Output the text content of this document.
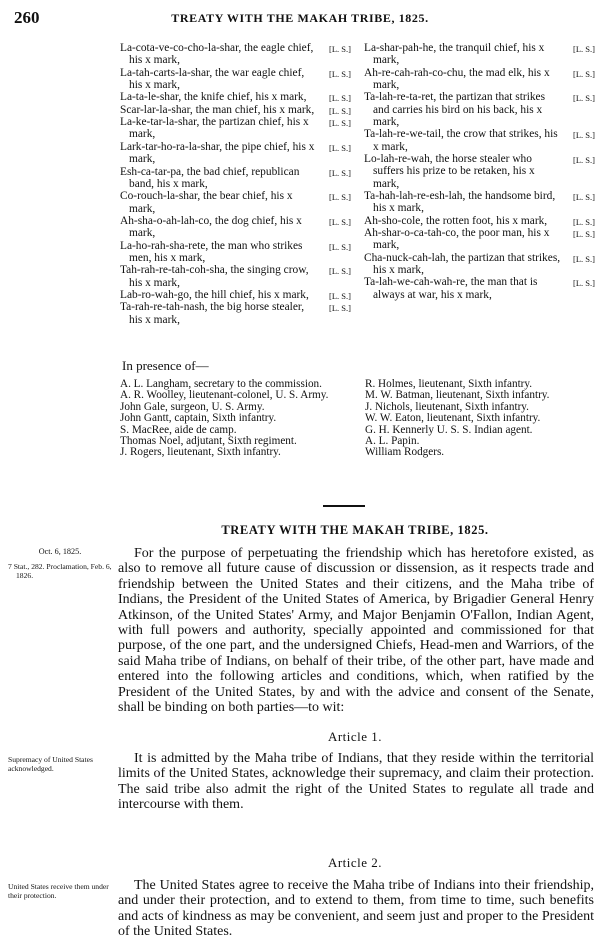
260	TREATY WITH THE MAKAH TRIBE, 1825.
[L. S.]
La-cota-ve-co-cho-la-shar, the eagle chief, his x mark,
[L. S.]
La-tah-carts-la-shar, the war eagle chief, his x mark,
[L. S.]
La-ta-le-shar, the knife chief, his x mark,
[L. S.]
Scar-lar-la-shar, the man chief, his x mark,
[L. S.]
La-ke-tar-la-shar, the partizan chief, his x mark,
[L. S.]
Lark-tar-ho-ra-la-shar, the pipe chief, his x mark,
[L. S.]
Esh-ca-tar-pa, the bad chief, republican band, his x mark,
[L. S.]
Co-rouch-la-shar, the bear chief, his x mark,
[L. S.]
Ah-sha-o-ah-lah-co, the dog chief, his x mark,
[L. S.]
La-ho-rah-sha-rete, the man who strikes men, his x mark,
[L. S.]
Tah-rah-re-tah-coh-sha, the singing crow, his x mark,
[L. S.]
Lab-ro-wah-go, the hill chief, his x mark,
[L. S.]
Ta-rah-re-tah-nash, the big horse stealer, his x mark,
[L. S.]
La-shar-pah-he, the tranquil chief, his x mark,
[L. S.]
Ah-re-cah-rah-co-chu, the mad elk, his x mark,
[L. S.]
Ta-lah-re-ta-ret, the partizan that strikes and carries his bird on his back, his x mark,
[L. S.]
Ta-lah-re-we-tail, the crow that strikes, his x mark,
[L. S.]
Lo-lah-re-wah, the horse stealer who suffers his prize to be retaken, his x mark,
[L. S.]
Ta-hah-lah-re-esh-lah, the handsome bird, his x mark,
[L. S.]
Ah-sho-cole, the rotten foot, his x mark,
[L. S.]
Ah-shar-o-ca-tah-co, the poor man, his x mark,
[L. S.]
Cha-nuck-cah-lah, the partizan that strikes, his x mark,
[L. S.]
Ta-lah-we-cah-wah-re, the man that is always at war, his x mark,
In presence of—
A. L. Langham, secretary to the commission.
A. R. Woolley, lieutenant-colonel, U. S. Army.
John Gale, surgeon, U. S. Army.
John Gantt, captain, Sixth infantry.
S. MacRee, aide de camp.
Thomas Noel, adjutant, Sixth regiment.
J. Rogers, lieutenant, Sixth infantry.
R. Holmes, lieutenant, Sixth infantry.
M. W. Batman, lieutenant, Sixth infantry.
J. Nichols, lieutenant, Sixth infantry.
W. W. Eaton, lieutenant, Sixth infantry.
G. H. Kennerly U. S. S. Indian agent.
A. L. Papin.
William Rodgers.
TREATY WITH THE MAKAH TRIBE, 1825.
Oct. 6, 1825.
7 Stat., 282. Proclamation, Feb. 6, 1826.
Supremacy of United States acknowledged.
United States receive them under their protection.

For the purpose of perpetuating the friendship which has heretofore existed, as also to remove all future cause of discussion or dissension, as it respects trade and friendship between the United States and their citizens, and the Maha tribe of Indians, the President of the United States of America, by Brigadier General Henry Atkinson, of the United States' Army, and Major Benjamin O'Fallon, Indian Agent, with full powers and authority, specially appointed and commissioned for that purpose, of the one part, and the undersigned Chiefs, Head-men and Warriors, of the said Maha tribe of Indians, on behalf of their tribe, of the other part, have made and entered into the following articles and conditions, which, when ratified by the President of the United States, by and with the advice and consent of the Senate, shall be binding on both parties—to wit:

Article 1.

It is admitted by the Maha tribe of Indians, that they reside within the territorial limits of the United States, acknowledge their supremacy, and claim their protection. The said tribe also admit the right of the United States to regulate all trade and intercourse with them.

Article 2.

The United States agree to receive the Maha tribe of Indians into their friendship, and under their protection, and to extend to them, from time to time, such benefits and acts of kindness as may be convenient, and seem just and proper to the President of the United States.
